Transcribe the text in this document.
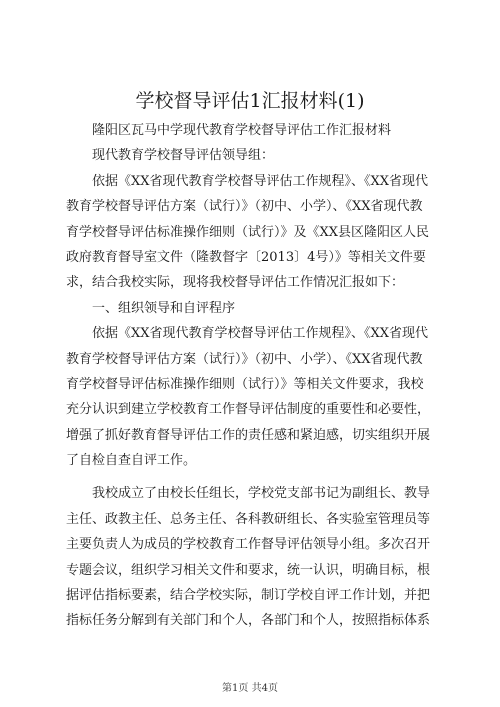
学校督导评估1汇报材料(1)
　　隆阳区瓦马中学现代教育学校督导评估工作汇报材料
　　现代教育学校督导评估领导组：
　　依据《XX省现代教育学校督导评估工作规程》、《XX省现代
教育学校督导评估方案（试行）》（初中、小学）、《XX省现代教
育学校督导评估标准操作细则（试行）》及《XX县区隆阳区人民
政府教育督导室文件（隆教督字〔2013〕4号）》等相关文件要
求，结合我校实际，现将我校督导评估工作情况汇报如下：
　　一、组织领导和自评程序
　　依据《XX省现代教育学校督导评估工作规程》、《XX省现代
教育学校督导评估方案（试行）》（初中、小学）、《XX省现代教
育学校督导评估标准操作细则（试行）》等相关文件要求，我校
充分认识到建立学校教育工作督导评估制度的重要性和必要性，
增强了抓好教育督导评估工作的责任感和紧迫感，切实组织开展
了自检自查自评工作。
　　我校成立了由校长任组长，学校党支部书记为副组长、教导
主任、政教主任、总务主任、各科教研组长、各实验室管理员等
主要负责人为成员的学校教育工作督导评估领导小组。多次召开
专题会议，组织学习相关文件和要求，统一认识，明确目标，根
据评估指标要素，结合学校实际，制订学校自评工作计划，并把
指标任务分解到有关部门和个人，各部门和个人，按照指标体系
第1页 共4页
